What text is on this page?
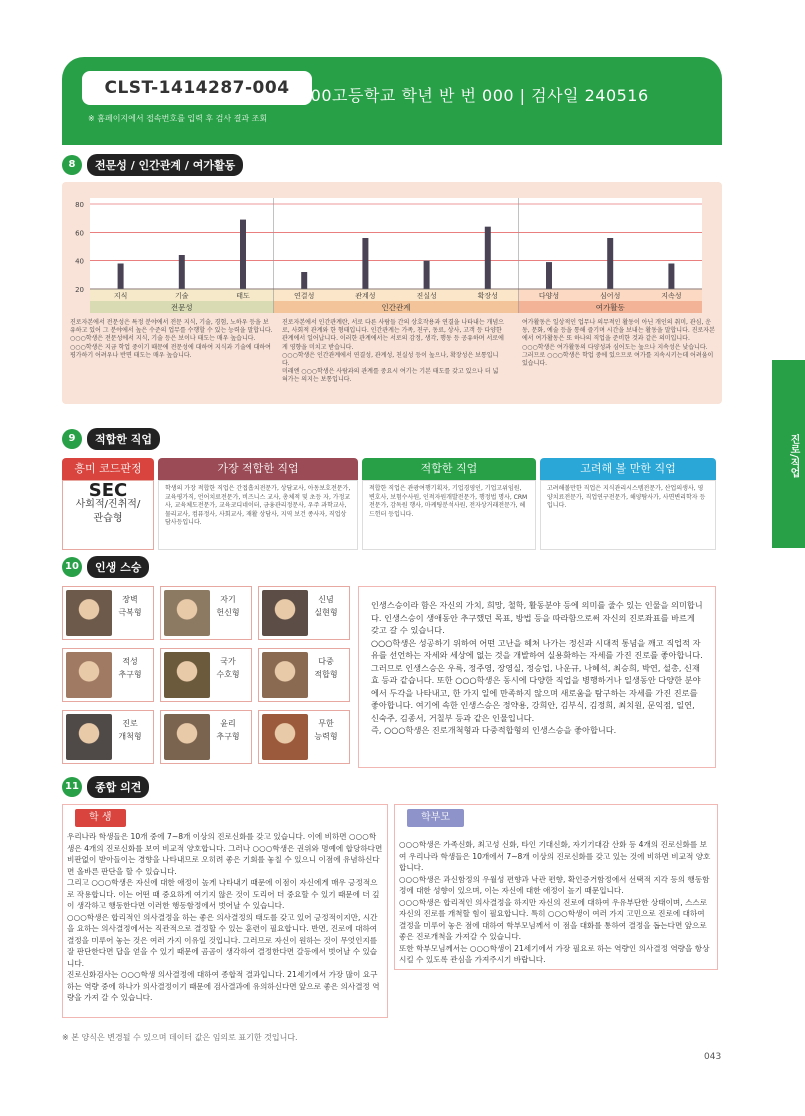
CLST-1414287-004
※ 홈페이지에서 접속번호를 입력 후 검사 결과 조회
000고등학교 학년 반 번 000 | 검사일 240516
진로/직업
8	전문성 / 인간관계 / 여가활동
20
40
60
80
전문성	인간관계	여가활동
지식	기술	태도	연결성	관계성	진실성	확장성	다양성	심어성	지속성
진로자본에서 전문성은 특정 분야에서 전문 지식, 기술, 경험, 노하우 등을 보유하고 있어 그 분야에서 높은 수준의 업무를 수행할 수 있는 능력을 말합니다.
○○○학생은 전문성에서 지식, 기술 등은 보이나 태도는 매우 높습니다.
○○○학생은 지금 학업 중이기 때문에 전문성에 대하여 지식과 기술에 대하여 평가하기 어려우나 반면 태도는 매우 높습니다.
진로자본에서 인간관계란, 서로 다른 사람들 간의 상호작용과 연결을 나타내는 개념으로, 사회적 관계와 한 형태입니다. 인간관계는 가족, 친구, 동료, 상사, 고객 등 다양한 관계에서 일어납니다. 이러한 관계에서는 서로의 감정, 생각, 행동 등 공유하며 서로에게 영향을 미치고 받습니다.
○○○학생은 인간관계에서 연결성, 관계성, 친실성 등이 높으나, 확장성은 보통입니다.
미래엔 ○○○학생은 사람과의 관계를 중요시 여기는 기본 태도를 갖고 있으나 더 넓혀가는 의지는 보통입니다.
여가활동은 일상적인 업무나 의무적인 활동이 아닌 개인의 취미, 관심, 운동, 문화, 예술 등을 통해 즐기며 시간을 보내는 활동을 말합니다. 진로자본에서 여가활동은 또 하나의 직업을 준비한 것과 같은 의미입니다.
○○○학생은 여가활동의 다양성과 심어도는 높으나 지속성은 낮습니다.
그러므로 ○○○학생은 학업 중에 있으므로 여가를 지속시키는데 어려움이 있습니다.
9	적합한 직업
흥미 코드판정
SEC
사회적/진취적/관습형
가장 적합한 직업
학생의 가장 적합한 직업은 간접흡치전문가, 상담교사, 아동보호전문가, 교육평가직, 언어치료전문가, 비즈니스 교사, 총체적 및 초등 자, 가정교사, 교육체도전문가, 교육코디네이터, 금융관리정문사, 우주 과학교사, 물리교사, 컴퓨정사, 사회교사, 재활 상담사, 지역 보건 종사자, 직업상담사등입니다.
적합한 직업
적합한 직업은 관광여행기획자, 기업경영인, 기업고위임원, 변호사, 보험수사원, 인적자원개발전문가, 행정법 명사, CRM전문가, 감독원 행사, 마케팅분석사원, 전자상거래전문가, 헤드헌터 등입니다.
고려해 볼 만한 직업
고려해볼만한 직업은 지식관리시스템전문가, 산업의생사, 영양치료전문가, 직업연구전문가, 해양탐사가, 사면변리학자 등입니다.
10	인생 스승
장벽
극복형
자기
헌신형
신념
실현형
적성
추구형
국가
수호형
다중
적합형
진로
개척형
윤리
추구형
무한
능력형
인생스승이라 함은 자신의 가치, 희망, 철학, 활동분야 등에 의미를 줄수 있는 인물을 의미합니다. 인생스승이 생애동안 추구했던 목표, 방법 등을 따라함으로써 자신의 진로좌표를 바르게 갖고 갈 수 있습니다.
○○○학생은 성공하기 위하여 어떤 고난을 헤쳐 나가는 정신과 시대적 통념을 깨고 직업적 자유를 선언하는 자세와 세상에 없는 것을 개발하여 실용화하는 자세를 가진 진로를 좋아합니다. 그러므로 인생스승은 우륵, 정주영, 장영실, 정승업, 나운규, 나혜석, 최승희, 박연, 설총, 신재효 등과 같습니다. 또한 ○○○학생은 동시에 다양한 직업을 병행하거나 일생동안 다양한 분야에서 두각을 나타내고, 한 가지 일에 만족하지 않으며 새로움을 탐구하는 자세를 가진 진로를 좋아합니다. 여기에 속한 인생스승은 정약용, 강희안, 김부식, 김정희, 최치원, 문익점, 일연, 신숙주, 김종서, 거칠부 등과 같은 인물입니다.
즉, ○○○학생은 진로개척형과 다중적합형의 인생스승을 좋아합니다.
11	종합 의견
학 생
우리나라 학생들은 10개 중에 7~8개 이상의 진로신화를 갖고 있습니다. 이에 비하면 ○○○학생은 4개의 진로신화를 보여 비교적 양호합니다. 그러나 ○○○학생은 권위와 명예에 합당하다면 비판없이 받아들이는 경향을 나타내므로 오히려 좋은 기회를 놓칠 수 있으니 이점에 유념하신다면 올바른 판단을 할 수 있습니다.
그리고 ○○○학생은 자신에 대한 애정이 높게 나타내기 때문에 이점이 자신에게 매우 긍정적으로 작용합니다. 이는 어떤 때 중요하게 여기지 않은 것이 도리어 더 중요할 수 있기 때문에 더 깊이 생각하고 행동한다면 이러한 행동함정에서 벗어날 수 있습니다.
○○○학생은 합리적인 의사결정을 하는 좋은 의사결정의 태도를 갖고 있어 긍정적이지만, 시간을 요하는 의사결정에서는 직관적으로 결정할 수 있는 훈련이 필요합니다. 반면, 진로에 대하여 결정을 미루어 놓는 것은 여러 가지 이유일 것입니다. 그러므로 자신이 원하는 것이 무엇인지를 잘 판단한다면 답을 얻을 수 있기 때문에 곰곰이 생각하여 결정한다면 갈등에서 벗어날 수 있습니다.
진로신화검사는 ○○○학생 의사결정에 대하여 종합적 결과입니다. 21세기에서 가장 많이 요구하는 역량 중에 하나가 의사결정이기 때문에 검사결과에 유의하신다면 앞으로 좋은 의사결정 역량을 가져 갈 수 있습니다.
학부모
○○○학생은 가족신화, 최고성 신화, 타인 기대신화, 자기기대감 산화 등 4개의 진로신화를 보여 우리나라 학생들은 10개에서 7~8개 이상의 진로신화를 갖고 있는 것에 비하면 비교적 양호합니다.
○○○학생은 과신함정의 우월성 편향과 낙관 편향, 확인증거함정에서 선택적 지각 등의 행동함정에 대한 성향이 있으며, 이는 자신에 대한 애정이 높기 때문입니다.
○○○학생은 합리적인 의사결정을 하지만 자신의 진로에 대하여 우유부단한 상태이며, 스스로 자신의 진로를 개척할 힘이 필요합니다. 특히 ○○○학생이 여러 가지 고민으로 진로에 대하여 결정을 미루어 놓은 점에 대하여 학부모님께서 이 점을 대화를 통하여 결정을 돕는다면 앞으로 좋은 진로개척을 가져갈 수 있습니다.
또한 학부모님께서는 ○○○학생이 21세기에서 가장 필요로 하는 역량인 의사결정 역량을 항상시킬 수 있도록 관심을 가져주시기 바랍니다.
※ 본 양식은 변경될 수 있으며 데이터 값은 임의로 표기한 것입니다.
043
